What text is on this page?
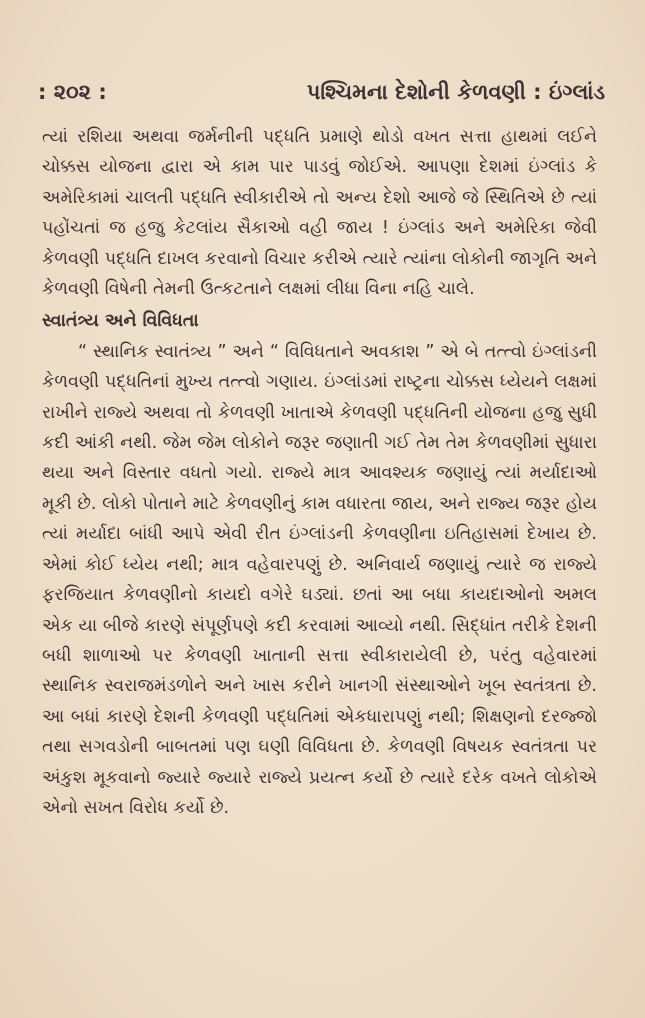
: ૨૦૨ :	પશ્ચિમના દેશોની કેળવણી : ઇંગ્લાંડ

ત્યાં રશિયા અથવા જર્મનીની પદ્ધતિ પ્રમાણે થોડો વખત સત્તા હાથમાં લઈને ચોક્કસ યોજના દ્વારા એ કામ પાર પાડવું જોઈએ. આપણા દેશમાં ઇંગ્લાંડ કે અમેરિકામાં ચાલતી પદ્ધતિ સ્વીકારીએ તો અન્ય દેશો આજે જે સ્થિતિએ છે ત્યાં પહોંચતાં જ હજુ કેટલાંય સૈકાઓ વહી જાય ! ઇંગ્લાંડ અને અમેરિકા જેવી કેળવણી પદ્ધતિ દાખલ કરવાનો વિચાર કરીએ ત્યારે ત્યાંના લોકોની જાગૃતિ અને કેળવણી વિષેની તેમની ઉત્કટતાને લક્ષમાં લીધા વિના નહિ ચાલે.

સ્વાતંત્ર્ય અને વિવિધતા

“ સ્થાનિક સ્વાતંત્ર્ય ” અને “ વિવિધતાને અવકાશ ” એ બે તત્ત્વો ઇંગ્લાંડની કેળવણી પદ્ધતિનાં મુખ્ય તત્ત્વો ગણાય. ઇંગ્લાંડમાં રાષ્ટ્રના ચોક્કસ ધ્યેયને લક્ષમાં રાખીને રાજ્યે અથવા તો કેળવણી ખાતાએ કેળવણી પદ્ધતિની યોજના હજુ સુધી કદી આંકી નથી. જેમ જેમ લોકોને જરૂર જણાતી ગઈ તેમ તેમ કેળવણીમાં સુધારા થયા અને વિસ્તાર વધતો ગયો. રાજ્યે માત્ર આવશ્યક જણાયું ત્યાં મર્યાદાઓ મૂકી છે. લોકો પોતાને માટે કેળવણીનું કામ વધારતા જાય, અને રાજ્ય જરૂર હોય ત્યાં મર્યાદા બાંધી આપે એવી રીત ઇંગ્લાંડની કેળવણીના ઇતિહાસમાં દેખાય છે. એમાં કોઈ ધ્યેય નથી; માત્ર વહેવારપણું છે. અનિવાર્ય જણાયું ત્યારે જ રાજ્યે ફરજિયાત કેળવણીનો કાયદો વગેરે ઘડ્યાં. છતાં આ બધા કાયદાઓનો અમલ એક યા બીજે કારણે સંપૂર્ણપણે કદી કરવામાં આવ્યો નથી. સિદ્ધાંત તરીકે દેશની બધી શાળાઓ પર કેળવણી ખાતાની સત્તા સ્વીકારાયેલી છે, પરંતુ વહેવારમાં સ્થાનિક સ્વરાજમંડળોને અને ખાસ કરીને ખાનગી સંસ્થાઓને ખૂબ સ્વતંત્રતા છે. આ બધાં કારણે દેશની કેળવણી પદ્ધતિમાં એકધારાપણું નથી; શિક્ષણનો દરજ્જો તથા સગવડોની બાબતમાં પણ ઘણી વિવિધતા છે. કેળવણી વિષયક સ્વતંત્રતા પર અંકુશ મૂકવાનો જ્યારે જ્યારે રાજ્યે પ્રયત્ન કર્યો છે ત્યારે દરેક વખતે લોકોએ એનો સખત વિરોધ કર્યો છે.
